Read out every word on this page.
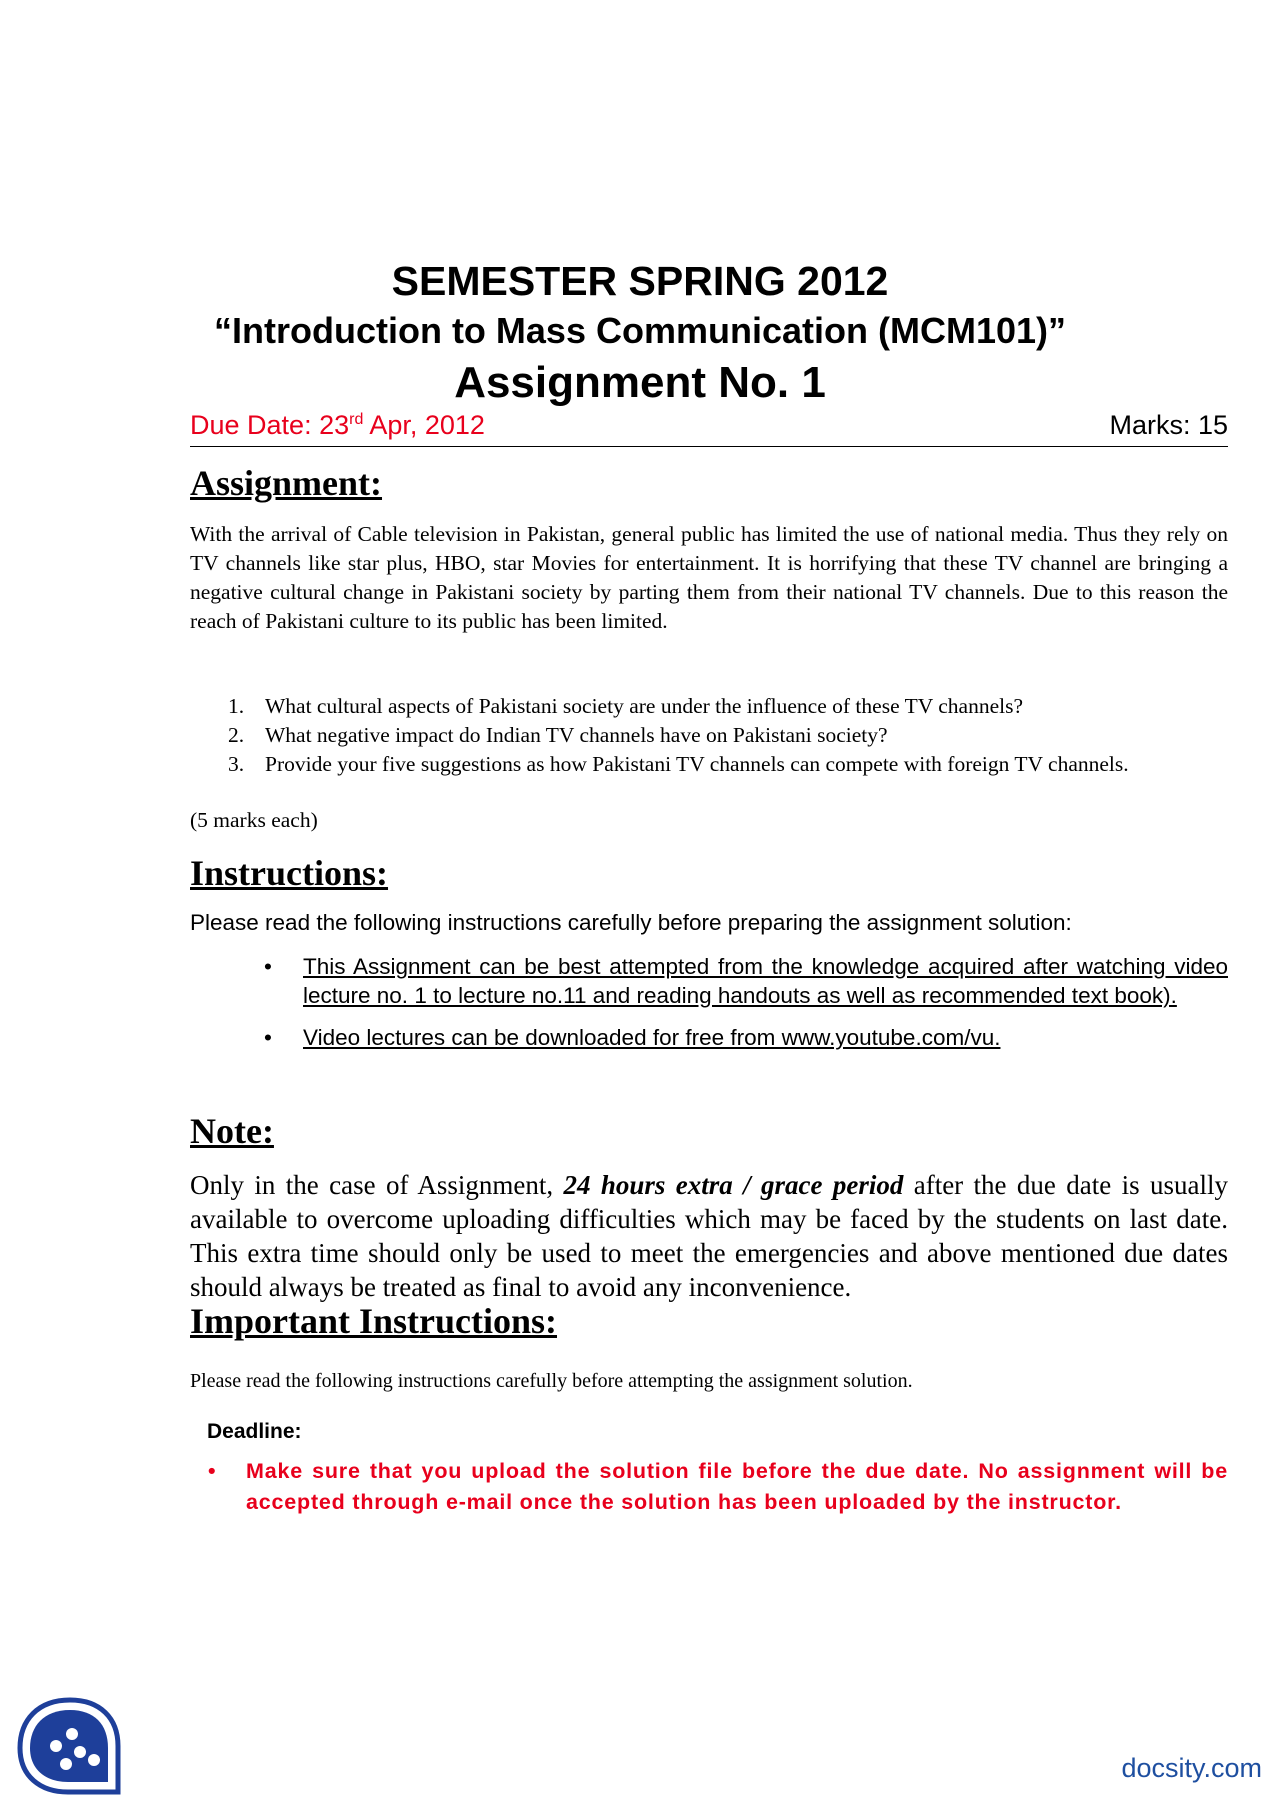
SEMESTER SPRING 2012
“Introduction to Mass Communication (MCM101)”
Assignment No. 1
Due Date: 23rd Apr, 2012	Marks: 15
Assignment:
With the arrival of Cable television in Pakistan, general public has limited the use of national media. Thus they rely on TV channels like star plus, HBO, star Movies for entertainment. It is horrifying that these TV channel are bringing a negative cultural change in Pakistani society by parting them from their national TV channels. Due to this reason the reach of Pakistani culture to its public has been limited.
1. What cultural aspects of Pakistani society are under the influence of these TV channels?
2. What negative impact do Indian TV channels have on Pakistani society?
3. Provide your five suggestions as how Pakistani TV channels can compete with foreign TV channels.
(5 marks each)
Instructions:
Please read the following instructions carefully before preparing the assignment solution:
• This Assignment can be best attempted from the knowledge acquired after watching video lecture no. 1 to lecture no.11 and reading handouts as well as recommended text book).
• Video lectures can be downloaded for free from www.youtube.com/vu.
Note:
Only in the case of Assignment, 24 hours extra / grace period after the due date is usually available to overcome uploading difficulties which may be faced by the students on last date. This extra time should only be used to meet the emergencies and above mentioned due dates should always be treated as final to avoid any inconvenience.
Important Instructions:
Please read the following instructions carefully before attempting the assignment solution.
Deadline:
• Make sure that you upload the solution file before the due date. No assignment will be accepted through e-mail once the solution has been uploaded by the instructor.
docsity.com
